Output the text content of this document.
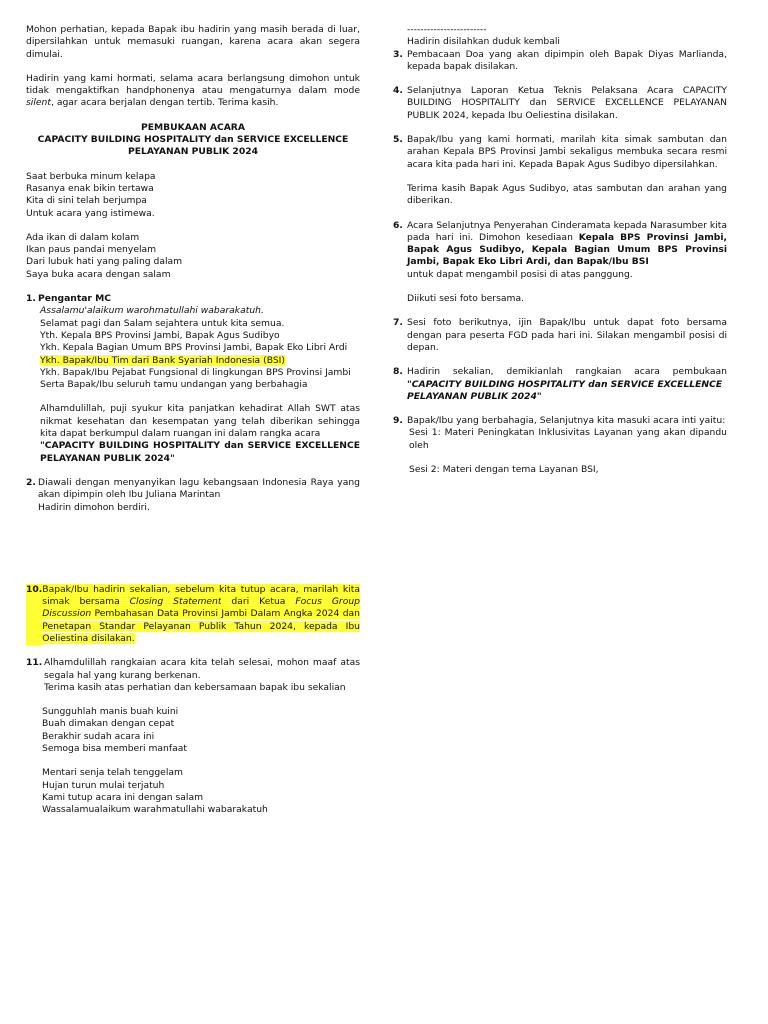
Mohon perhatian, kepada Bapak ibu hadirin yang masih berada di luar, dipersilahkan untuk memasuki ruangan, karena acara akan segera dimulai.

Hadirin yang kami hormati, selama acara berlangsung dimohon untuk tidak mengaktifkan handphonenya atau mengaturnya dalam mode silent, agar acara berjalan dengan tertib. Terima kasih.

PEMBUKAAN ACARA

CAPACITY BUILDING HOSPITALITY dan SERVICE EXCELLENCE

PELAYANAN PUBLIK 2024

Saat berbuka minum kelapa

Rasanya enak bikin tertawa

Kita di sini telah berjumpa

Untuk acara yang istimewa.

Ada ikan di dalam kolam

Ikan paus pandai menyelam

Dari lubuk hati yang paling dalam

Saya buka acara dengan salam

1. Pengantar MC

Assalamu'alaikum warohmatullahi wabarakatuh.

Selamat pagi dan Salam sejahtera untuk kita semua.

Yth. Kepala BPS Provinsi Jambi, Bapak Agus Sudibyo

Ykh. Kepala Bagian Umum BPS Provinsi Jambi, Bapak Eko Libri Ardi

Ykh. Bapak/Ibu Tim dari Bank Syariah Indonesia (BSI)

Ykh. Bapak/Ibu Pejabat Fungsional di lingkungan BPS Provinsi Jambi

Serta Bapak/Ibu seluruh tamu undangan yang berbahagia

Alhamdulillah, puji syukur kita panjatkan kehadirat Allah SWT atas nikmat kesehatan dan kesempatan yang telah diberikan sehingga kita dapat berkumpul dalam ruangan ini dalam rangka acara

"CAPACITY BUILDING HOSPITALITY dan SERVICE EXCELLENCE PELAYANAN PUBLIK 2024"

2. Diawali dengan menyanyikan lagu kebangsaan Indonesia Raya yang akan dipimpin oleh Ibu Juliana Marintan

Hadirin dimohon berdiri.

10. Bapak/Ibu hadirin sekalian, sebelum kita tutup acara, marilah kita simak bersama Closing Statement dari Ketua Focus Group Discussion Pembahasan Data Provinsi Jambi Dalam Angka 2024 dan Penetapan Standar Pelayanan Publik Tahun 2024, kepada Ibu Oeliestina disilakan.

11. Alhamdulillah rangkaian acara kita telah selesai, mohon maaf atas segala hal yang kurang berkenan.

Terima kasih atas perhatian dan kebersamaan bapak ibu sekalian

Sungguhlah manis buah kuini

Buah dimakan dengan cepat

Berakhir sudah acara ini

Semoga bisa memberi manfaat

Mentari senja telah tenggelam

Hujan turun mulai terjatuh

Kami tutup acara ini dengan salam

Wassalamualaikum warahmatullahi wabarakatuh

------------------------

Hadirin disilahkan duduk kembali

3. Pembacaan Doa yang akan dipimpin oleh Bapak Diyas Marlianda, kepada bapak disilakan.

4. Selanjutnya Laporan Ketua Teknis Pelaksana Acara CAPACITY BUILDING HOSPITALITY dan SERVICE EXCELLENCE PELAYANAN PUBLIK 2024, kepada Ibu Oeliestina disilakan.

5. Bapak/Ibu yang kami hormati, marilah kita simak sambutan dan arahan Kepala BPS Provinsi Jambi sekaligus membuka secara resmi acara kita pada hari ini. Kepada Bapak Agus Sudibyo dipersilahkan.

Terima kasih Bapak Agus Sudibyo, atas sambutan dan arahan yang diberikan.

6. Acara Selanjutnya Penyerahan Cinderamata kepada Narasumber kita pada hari ini. Dimohon kesediaan Kepala BPS Provinsi Jambi, Bapak Agus Sudibyo, Kepala Bagian Umum BPS Provinsi Jambi, Bapak Eko Libri Ardi, dan Bapak/Ibu BSI

untuk dapat mengambil posisi di atas panggung.

Diikuti sesi foto bersama.

7. Sesi foto berikutnya, ijin Bapak/Ibu untuk dapat foto bersama dengan para peserta FGD pada hari ini. Silakan mengambil posisi di depan.

8. Hadirin sekalian, demikianlah rangkaian acara pembukaan

"CAPACITY BUILDING HOSPITALITY dan SERVICE EXCELLENCE PELAYANAN PUBLIK 2024"

9. Bapak/Ibu yang berbahagia, Selanjutnya kita masuki acara inti yaitu:

Sesi 1: Materi Peningkatan Inklusivitas Layanan yang akan dipandu oleh

Sesi 2: Materi dengan tema Layanan BSI,
